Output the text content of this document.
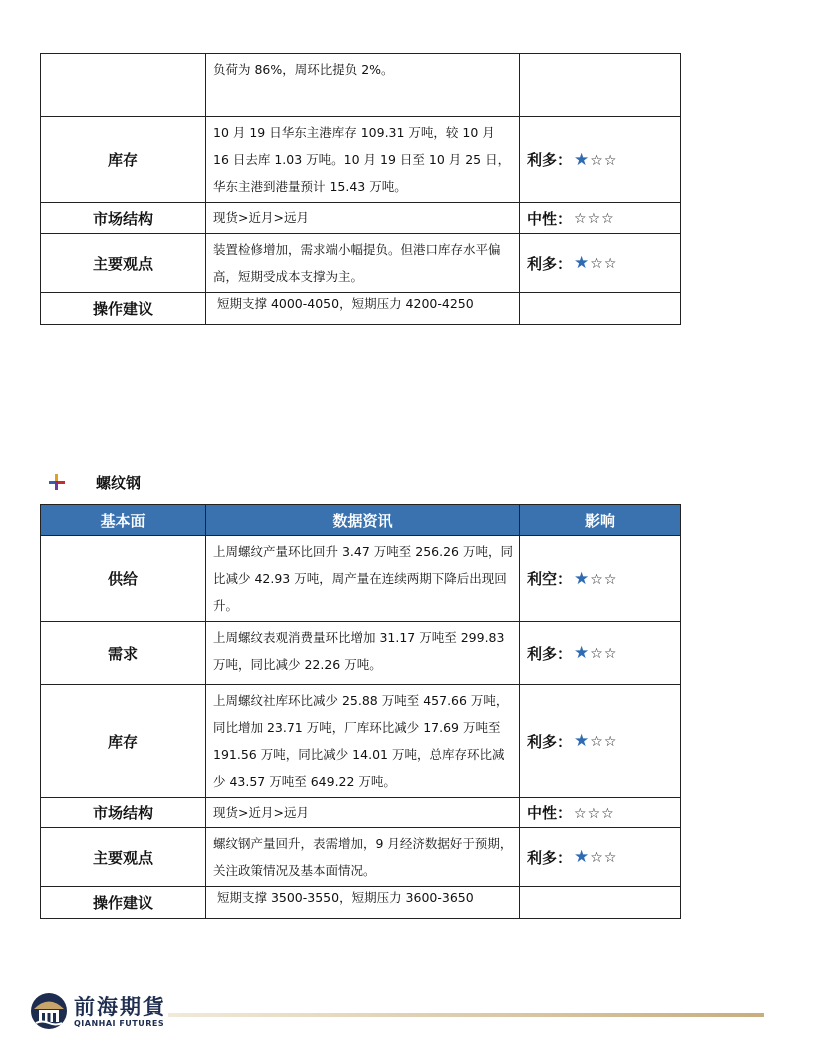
	负荷为 86%，周环比提负 2%。	

库存	10 月 19 日华东主港库存 109.31 万吨，较 10 月 16 日去库 1.03 万吨。10 月 19 日至 10 月 25 日，华东主港到港量预计 15.43 万吨。	利多： ★☆☆

市场结构	现货>近月>远月	中性： ☆☆☆

主要观点	装置检修增加，需求端小幅提负。但港口库存水平偏高，短期受成本支撑为主。	利多： ★☆☆

操作建议	短期支撑 4000-4050，短期压力 4200-4250	

螺纹钢
基本面	数据资讯	影响
供给	上周螺纹产量环比回升 3.47 万吨至 256.26 万吨，同比减少 42.93 万吨，周产量在连续两期下降后出现回升。	利空： ★☆☆

需求	上周螺纹表观消费量环比增加 31.17 万吨至 299.83 万吨，同比减少 22.26 万吨。	利多： ★☆☆

库存	上周螺纹社库环比减少 25.88 万吨至 457.66 万吨，同比增加 23.71 万吨，厂库环比减少 17.69 万吨至 191.56 万吨，同比减少 14.01 万吨，总库存环比减少 43.57 万吨至 649.22 万吨。	利多： ★☆☆

市场结构	现货>近月>远月	中性： ☆☆☆

主要观点	螺纹钢产量回升，表需增加，9 月经济数据好于预期，关注政策情况及基本面情况。	利多： ★☆☆

操作建议	短期支撑 3500-3550，短期压力 3600-3650	

前海期貨
QIANHAI FUTURES
